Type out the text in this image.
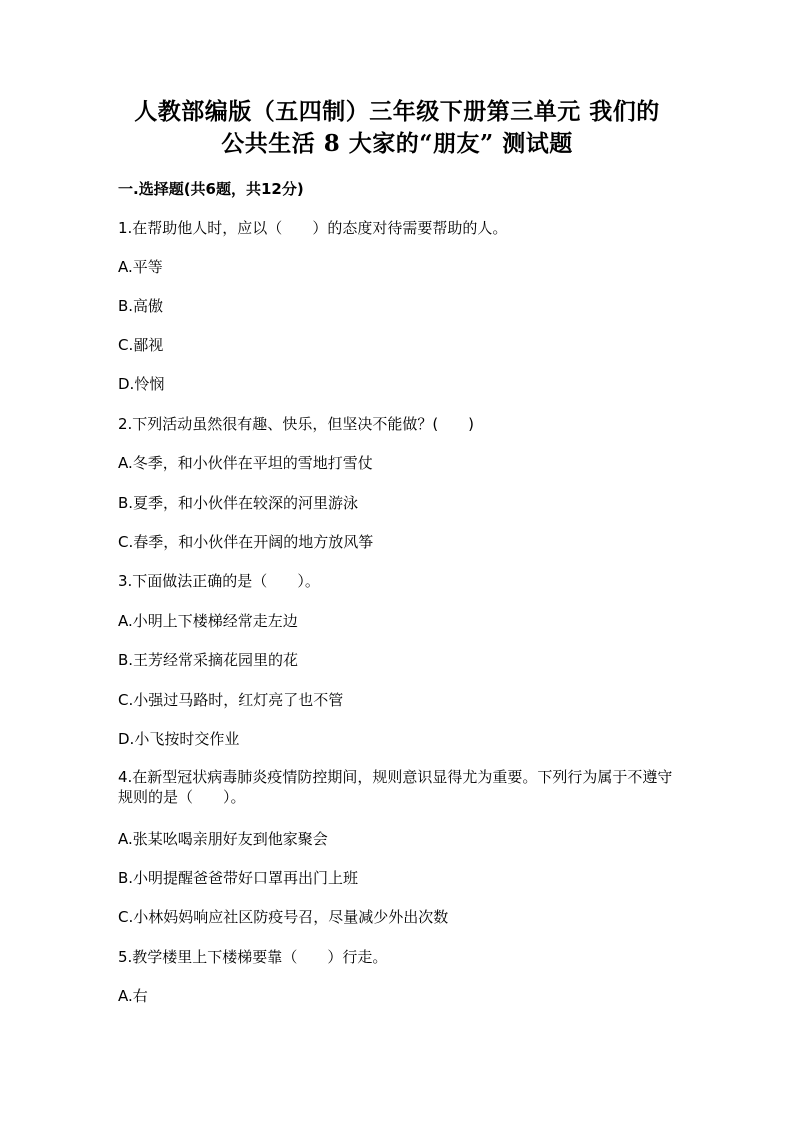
人教部编版（五四制）三年级下册第三单元 我们的
公共生活 8 大家的“朋友” 测试题
一.选择题(共6题，共12分)
1.在帮助他人时，应以（　　）的态度对待需要帮助的人。
A.平等
B.高傲
C.鄙视
D.怜悯
2.下列活动虽然很有趣、快乐，但坚决不能做？(　　)
A.冬季，和小伙伴在平坦的雪地打雪仗
B.夏季，和小伙伴在较深的河里游泳
C.春季，和小伙伴在开阔的地方放风筝
3.下面做法正确的是（　　）。
A.小明上下楼梯经常走左边
B.王芳经常采摘花园里的花
C.小强过马路时，红灯亮了也不管
D.小飞按时交作业
4.在新型冠状病毒肺炎疫情防控期间，规则意识显得尤为重要。下列行为属于不遵守规则的是（　　）。
A.张某吆喝亲朋好友到他家聚会
B.小明提醒爸爸带好口罩再出门上班
C.小林妈妈响应社区防疫号召，尽量减少外出次数
5.教学楼里上下楼梯要靠（　　）行走。
A.右
